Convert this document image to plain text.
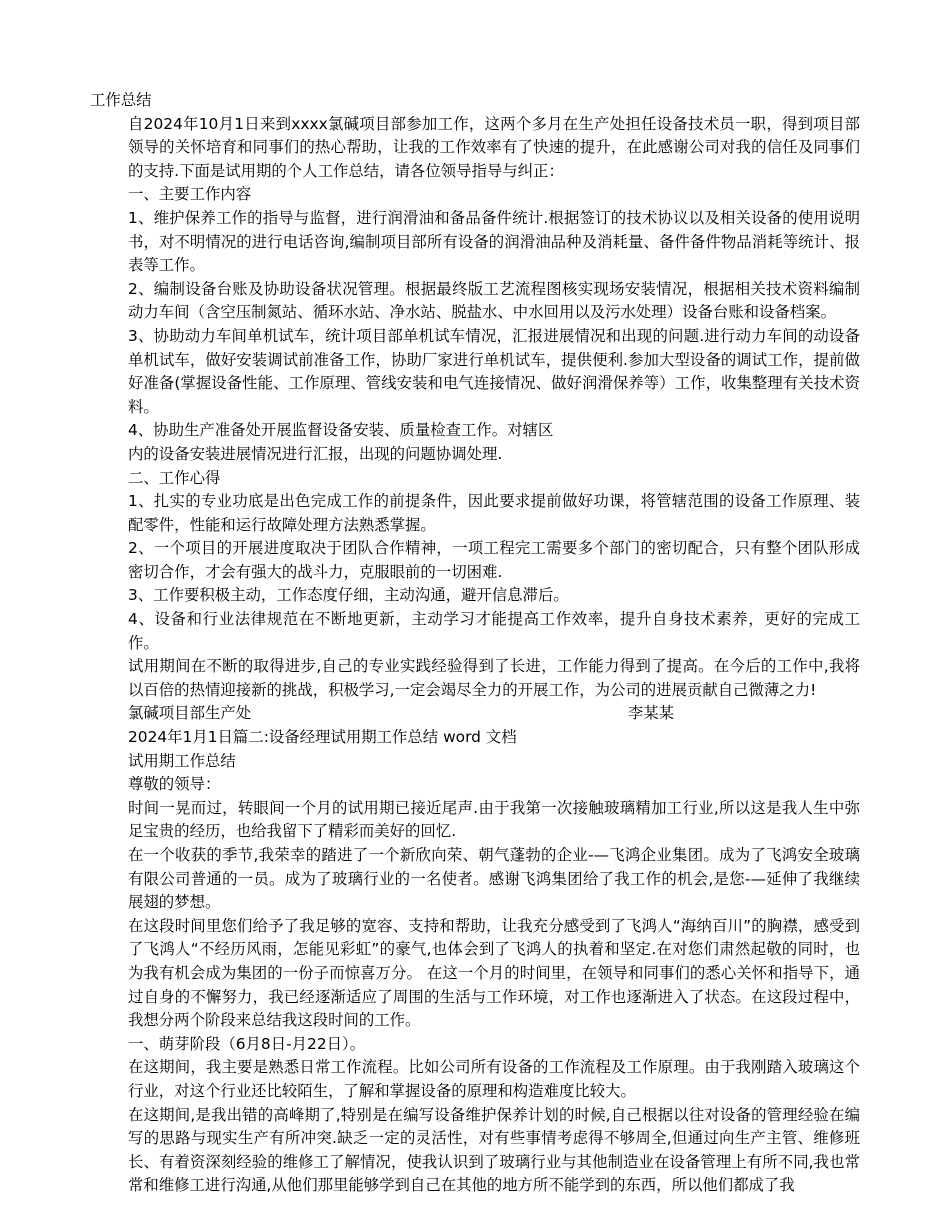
工作总结
自2024年10月1日来到xxxx氯碱项目部参加工作，这两个多月在生产处担任设备技术员一职，得到项目部领导的关怀培育和同事们的热心帮助，让我的工作效率有了快速的提升，在此感谢公司对我的信任及同事们的支持.下面是试用期的个人工作总结，请各位领导指导与纠正：
一、主要工作内容
1、维护保养工作的指导与监督，进行润滑油和备品备件统计.根据签订的技术协议以及相关设备的使用说明书，对不明情况的进行电话咨询,编制项目部所有设备的润滑油品种及消耗量、备件备件物品消耗等统计、报表等工作。
2、编制设备台账及协助设备状况管理。根据最终版工艺流程图核实现场安装情况，根据相关技术资料编制动力车间（含空压制氮站、循环水站、净水站、脱盐水、中水回用以及污水处理）设备台账和设备档案。
3、协助动力车间单机试车，统计项目部单机试车情况，汇报进展情况和出现的问题.进行动力车间的动设备单机试车，做好安装调试前准备工作，协助厂家进行单机试车，提供便利.参加大型设备的调试工作，提前做好准备(掌握设备性能、工作原理、管线安装和电气连接情况、做好润滑保养等）工作，收集整理有关技术资料。
4、协助生产准备处开展监督设备安装、质量检查工作。对辖区
内的设备安装进展情况进行汇报，出现的问题协调处理.
二、工作心得
1、扎实的专业功底是出色完成工作的前提条件，因此要求提前做好功课，将管辖范围的设备工作原理、装配零件，性能和运行故障处理方法熟悉掌握。
2、一个项目的开展进度取决于团队合作精神，一项工程完工需要多个部门的密切配合，只有整个团队形成密切合作，才会有强大的战斗力，克服眼前的一切困难.
3、工作要积极主动，工作态度仔细，主动沟通，避开信息滞后。
4、设备和行业法律规范在不断地更新，主动学习才能提高工作效率，提升自身技术素养，更好的完成工作。
试用期间在不断的取得进步,自己的专业实践经验得到了长进，工作能力得到了提高。在今后的工作中,我将以百倍的热情迎接新的挑战，积极学习,一定会竭尽全力的开展工作，为公司的进展贡献自己微薄之力!
氯碱项目部生产处	李某某
2024年1月1日篇二:设备经理试用期工作总结 word 文档
试用期工作总结
尊敬的领导：
时间一晃而过，转眼间一个月的试用期已接近尾声.由于我第一次接触玻璃精加工行业,所以这是我人生中弥足宝贵的经历，也给我留下了精彩而美好的回忆.
在一个收获的季节,我荣幸的踏进了一个新欣向荣、朝气蓬勃的企业-—飞鸿企业集团。成为了飞鸿安全玻璃有限公司普通的一员。成为了玻璃行业的一名使者。感谢飞鸿集团给了我工作的机会,是您-—延伸了我继续展翅的梦想。
在这段时间里您们给予了我足够的宽容、支持和帮助，让我充分感受到了飞鸿人“海纳百川”的胸襟，感受到了飞鸿人“不经历风雨，怎能见彩虹”的豪气,也体会到了飞鸿人的执着和坚定.在对您们肃然起敬的同时，也为我有机会成为集团的一份子而惊喜万分。 在这一个月的时间里，在领导和同事们的悉心关怀和指导下，通过自身的不懈努力，我已经逐渐适应了周围的生活与工作环境，对工作也逐渐进入了状态。在这段过程中，我想分两个阶段来总结我这段时间的工作。
一、萌芽阶段（6月8日-月22日）。
在这期间，我主要是熟悉日常工作流程。比如公司所有设备的工作流程及工作原理。由于我刚踏入玻璃这个行业，对这个行业还比较陌生，了解和掌握设备的原理和构造难度比较大。
在这期间,是我出错的高峰期了,特别是在编写设备维护保养计划的时候,自己根据以往对设备的管理经验在编写的思路与现实生产有所冲突.缺乏一定的灵活性，对有些事情考虑得不够周全,但通过向生产主管、维修班长、有着资深刻经验的维修工了解情况，使我认识到了玻璃行业与其他制造业在设备管理上有所不同,我也常常和维修工进行沟通,从他们那里能够学到自己在其他的地方所不能学到的东西，所以他们都成了我
